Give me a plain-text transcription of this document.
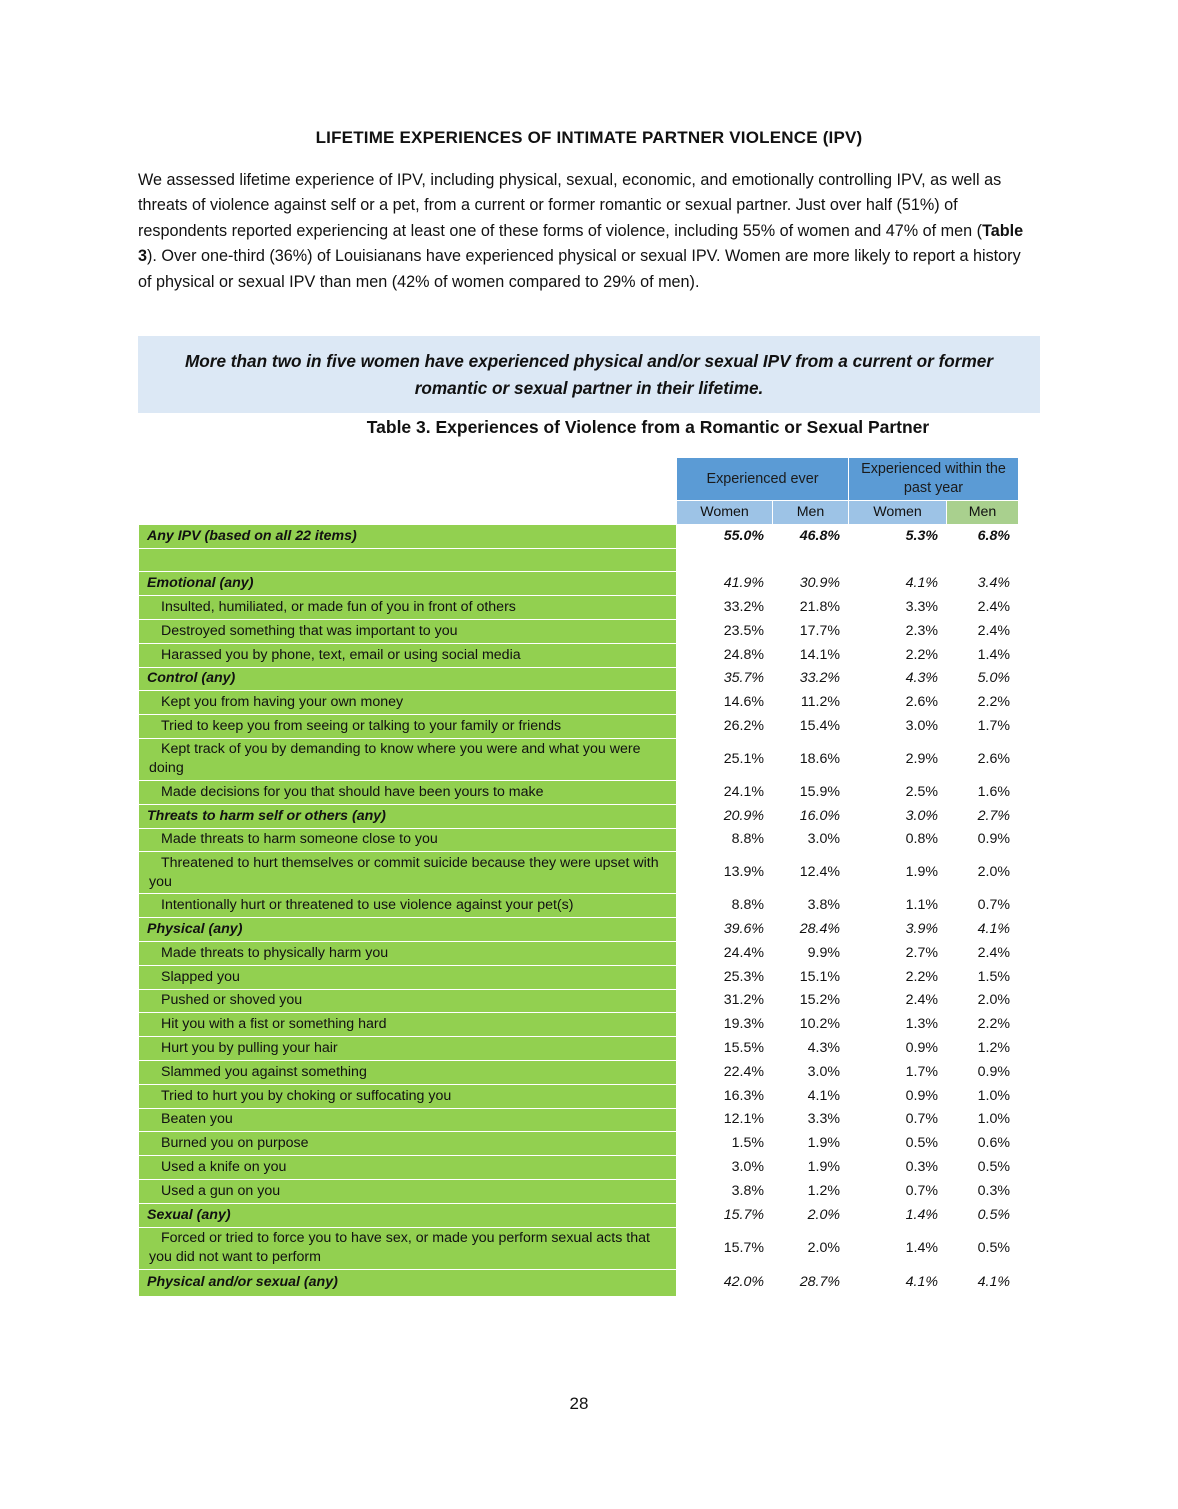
LIFETIME EXPERIENCES OF INTIMATE PARTNER VIOLENCE (IPV)

We assessed lifetime experience of IPV, including physical, sexual, economic, and emotionally controlling IPV, as well as threats of violence against self or a pet, from a current or former romantic or sexual partner. Just over half (51%) of respondents reported experiencing at least one of these forms of violence, including 55% of women and 47% of men (Table 3). Over one-third (36%) of Louisianans have experienced physical or sexual IPV. Women are more likely to report a history of physical or sexual IPV than men (42% of women compared to 29% of men).

More than two in five women have experienced physical and/or sexual IPV from a current or former romantic or sexual partner in their lifetime.
Table 3. Experiences of Violence from a Romantic or Sexual Partner
	Experienced ever		Experienced within the past year	
	Women	Men	Women	Men
Any IPV (based on all 22 items)	55.0%	46.8%	5.3%	6.8%

Emotional (any)	41.9%	30.9%	4.1%	3.4%
Insulted, humiliated, or made fun of you in front of others	33.2%	21.8%	3.3%	2.4%
Destroyed something that was important to you	23.5%	17.7%	2.3%	2.4%
Harassed you by phone, text, email or using social media	24.8%	14.1%	2.2%	1.4%
Control (any)	35.7%	33.2%	4.3%	5.0%
Kept you from having your own money	14.6%	11.2%	2.6%	2.2%
Tried to keep you from seeing or talking to your family or friends	26.2%	15.4%	3.0%	1.7%
Kept track of you by demanding to know where you were and what you were doing	25.1%	18.6%	2.9%	2.6%
Made decisions for you that should have been yours to make	24.1%	15.9%	2.5%	1.6%
Threats to harm self or others (any)	20.9%	16.0%	3.0%	2.7%
Made threats to harm someone close to you	8.8%	3.0%	0.8%	0.9%
Threatened to hurt themselves or commit suicide because they were upset with you	13.9%	12.4%	1.9%	2.0%
Intentionally hurt or threatened to use violence against your pet(s)	8.8%	3.8%	1.1%	0.7%
Physical (any)	39.6%	28.4%	3.9%	4.1%
Made threats to physically harm you	24.4%	9.9%	2.7%	2.4%
Slapped you	25.3%	15.1%	2.2%	1.5%
Pushed or shoved you	31.2%	15.2%	2.4%	2.0%
Hit you with a fist or something hard	19.3%	10.2%	1.3%	2.2%
Hurt you by pulling your hair	15.5%	4.3%	0.9%	1.2%
Slammed you against something	22.4%	3.0%	1.7%	0.9%
Tried to hurt you by choking or suffocating you	16.3%	4.1%	0.9%	1.0%
Beaten you	12.1%	3.3%	0.7%	1.0%
Burned you on purpose	1.5%	1.9%	0.5%	0.6%
Used a knife on you	3.0%	1.9%	0.3%	0.5%
Used a gun on you	3.8%	1.2%	0.7%	0.3%
Sexual (any)	15.7%	2.0%	1.4%	0.5%
Forced or tried to force you to have sex, or made you perform sexual acts that you did not want to perform	15.7%	2.0%	1.4%	0.5%
Physical and/or sexual (any)	42.0%	28.7%	4.1%	4.1%
28
